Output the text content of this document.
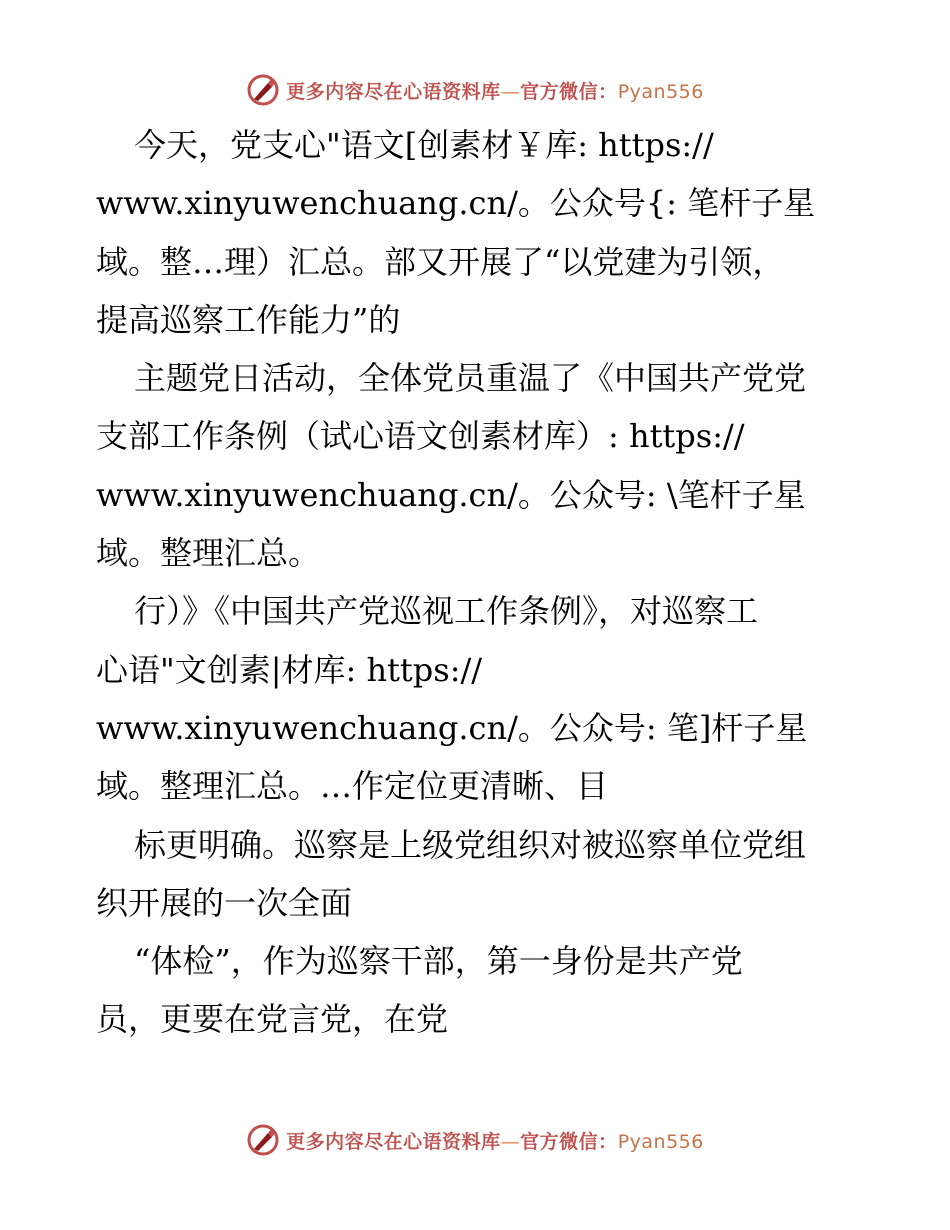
更多内容尽在心语资料库—官方微信：Pyan556

今天，党支心"语文[创素材￥库: https://
www.xinyuwenchuang.cn/。公众号{: 笔杆子星
域。整…理）汇总。部又开展了“以党建为引领，
提高巡察工作能力”的

主题党日活动，全体党员重温了《中国共产党党
支部工作条例（试心语文创素材库）: https://
www.xinyuwenchuang.cn/。公众号: \笔杆子星
域。整理汇总。

行）》《中国共产党巡视工作条例》，对巡察工
心语"文创素|材库: https://
www.xinyuwenchuang.cn/。公众号: 笔]杆子星
域。整理汇总。…作定位更清晰、目

标更明确。巡察是上级党组织对被巡察单位党组
织开展的一次全面

“体检”，作为巡察干部，第一身份是共产党
员，更要在党言党，在党

更多内容尽在心语资料库—官方微信：Pyan556
